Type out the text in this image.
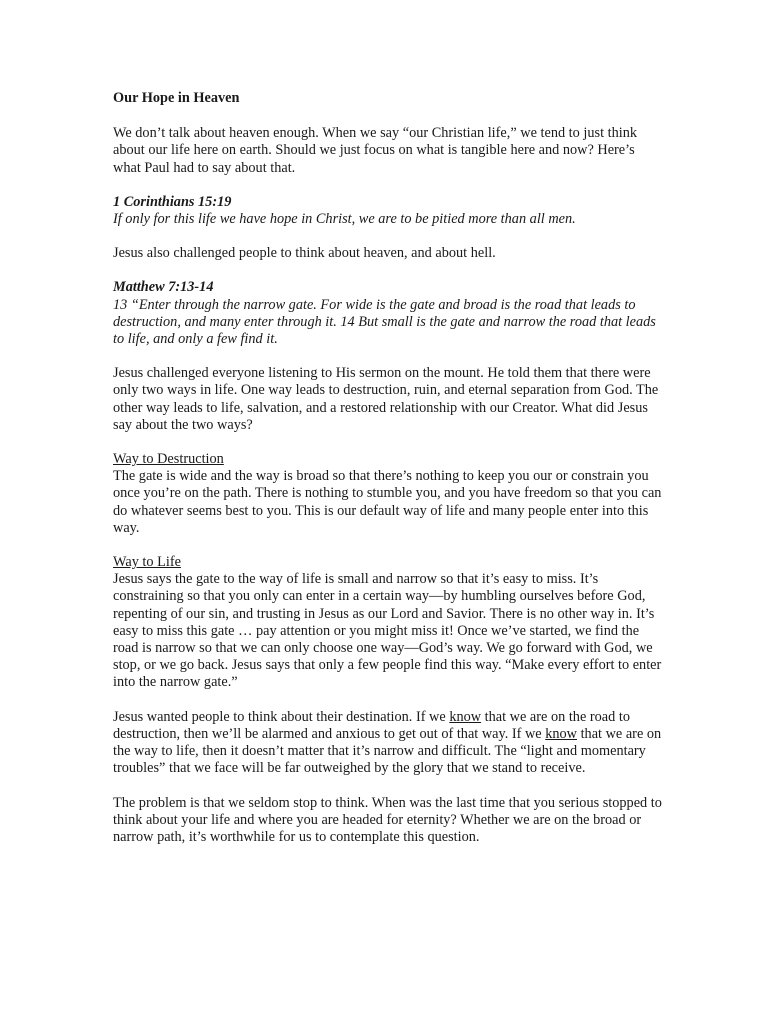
Our Hope in Heaven

We don’t talk about heaven enough. When we say “our Christian life,” we tend to just think about our life here on earth. Should we just focus on what is tangible here and now? Here’s what Paul had to say about that.

1 Corinthians 15:19
If only for this life we have hope in Christ, we are to be pitied more than all men.

Jesus also challenged people to think about heaven, and about hell.

Matthew 7:13-14
13 “Enter through the narrow gate. For wide is the gate and broad is the road that leads to destruction, and many enter through it. 14 But small is the gate and narrow the road that leads to life, and only a few find it.

Jesus challenged everyone listening to His sermon on the mount. He told them that there were only two ways in life. One way leads to destruction, ruin, and eternal separation from God. The other way leads to life, salvation, and a restored relationship with our Creator. What did Jesus say about the two ways?

Way to Destruction
The gate is wide and the way is broad so that there’s nothing to keep you our or constrain you once you’re on the path. There is nothing to stumble you, and you have freedom so that you can do whatever seems best to you. This is our default way of life and many people enter into this way.

Way to Life
Jesus says the gate to the way of life is small and narrow so that it’s easy to miss. It’s constraining so that you only can enter in a certain way—by humbling ourselves before God, repenting of our sin, and trusting in Jesus as our Lord and Savior. There is no other way in. It’s easy to miss this gate … pay attention or you might miss it! Once we’ve started, we find the road is narrow so that we can only choose one way—God’s way. We go forward with God, we stop, or we go back. Jesus says that only a few people find this way. “Make every effort to enter into the narrow gate.”

Jesus wanted people to think about their destination. If we know that we are on the road to destruction, then we’ll be alarmed and anxious to get out of that way. If we know that we are on the way to life, then it doesn’t matter that it’s narrow and difficult. The “light and momentary troubles” that we face will be far outweighed by the glory that we stand to receive.

The problem is that we seldom stop to think. When was the last time that you serious stopped to think about your life and where you are headed for eternity? Whether we are on the broad or narrow path, it’s worthwhile for us to contemplate this question.
